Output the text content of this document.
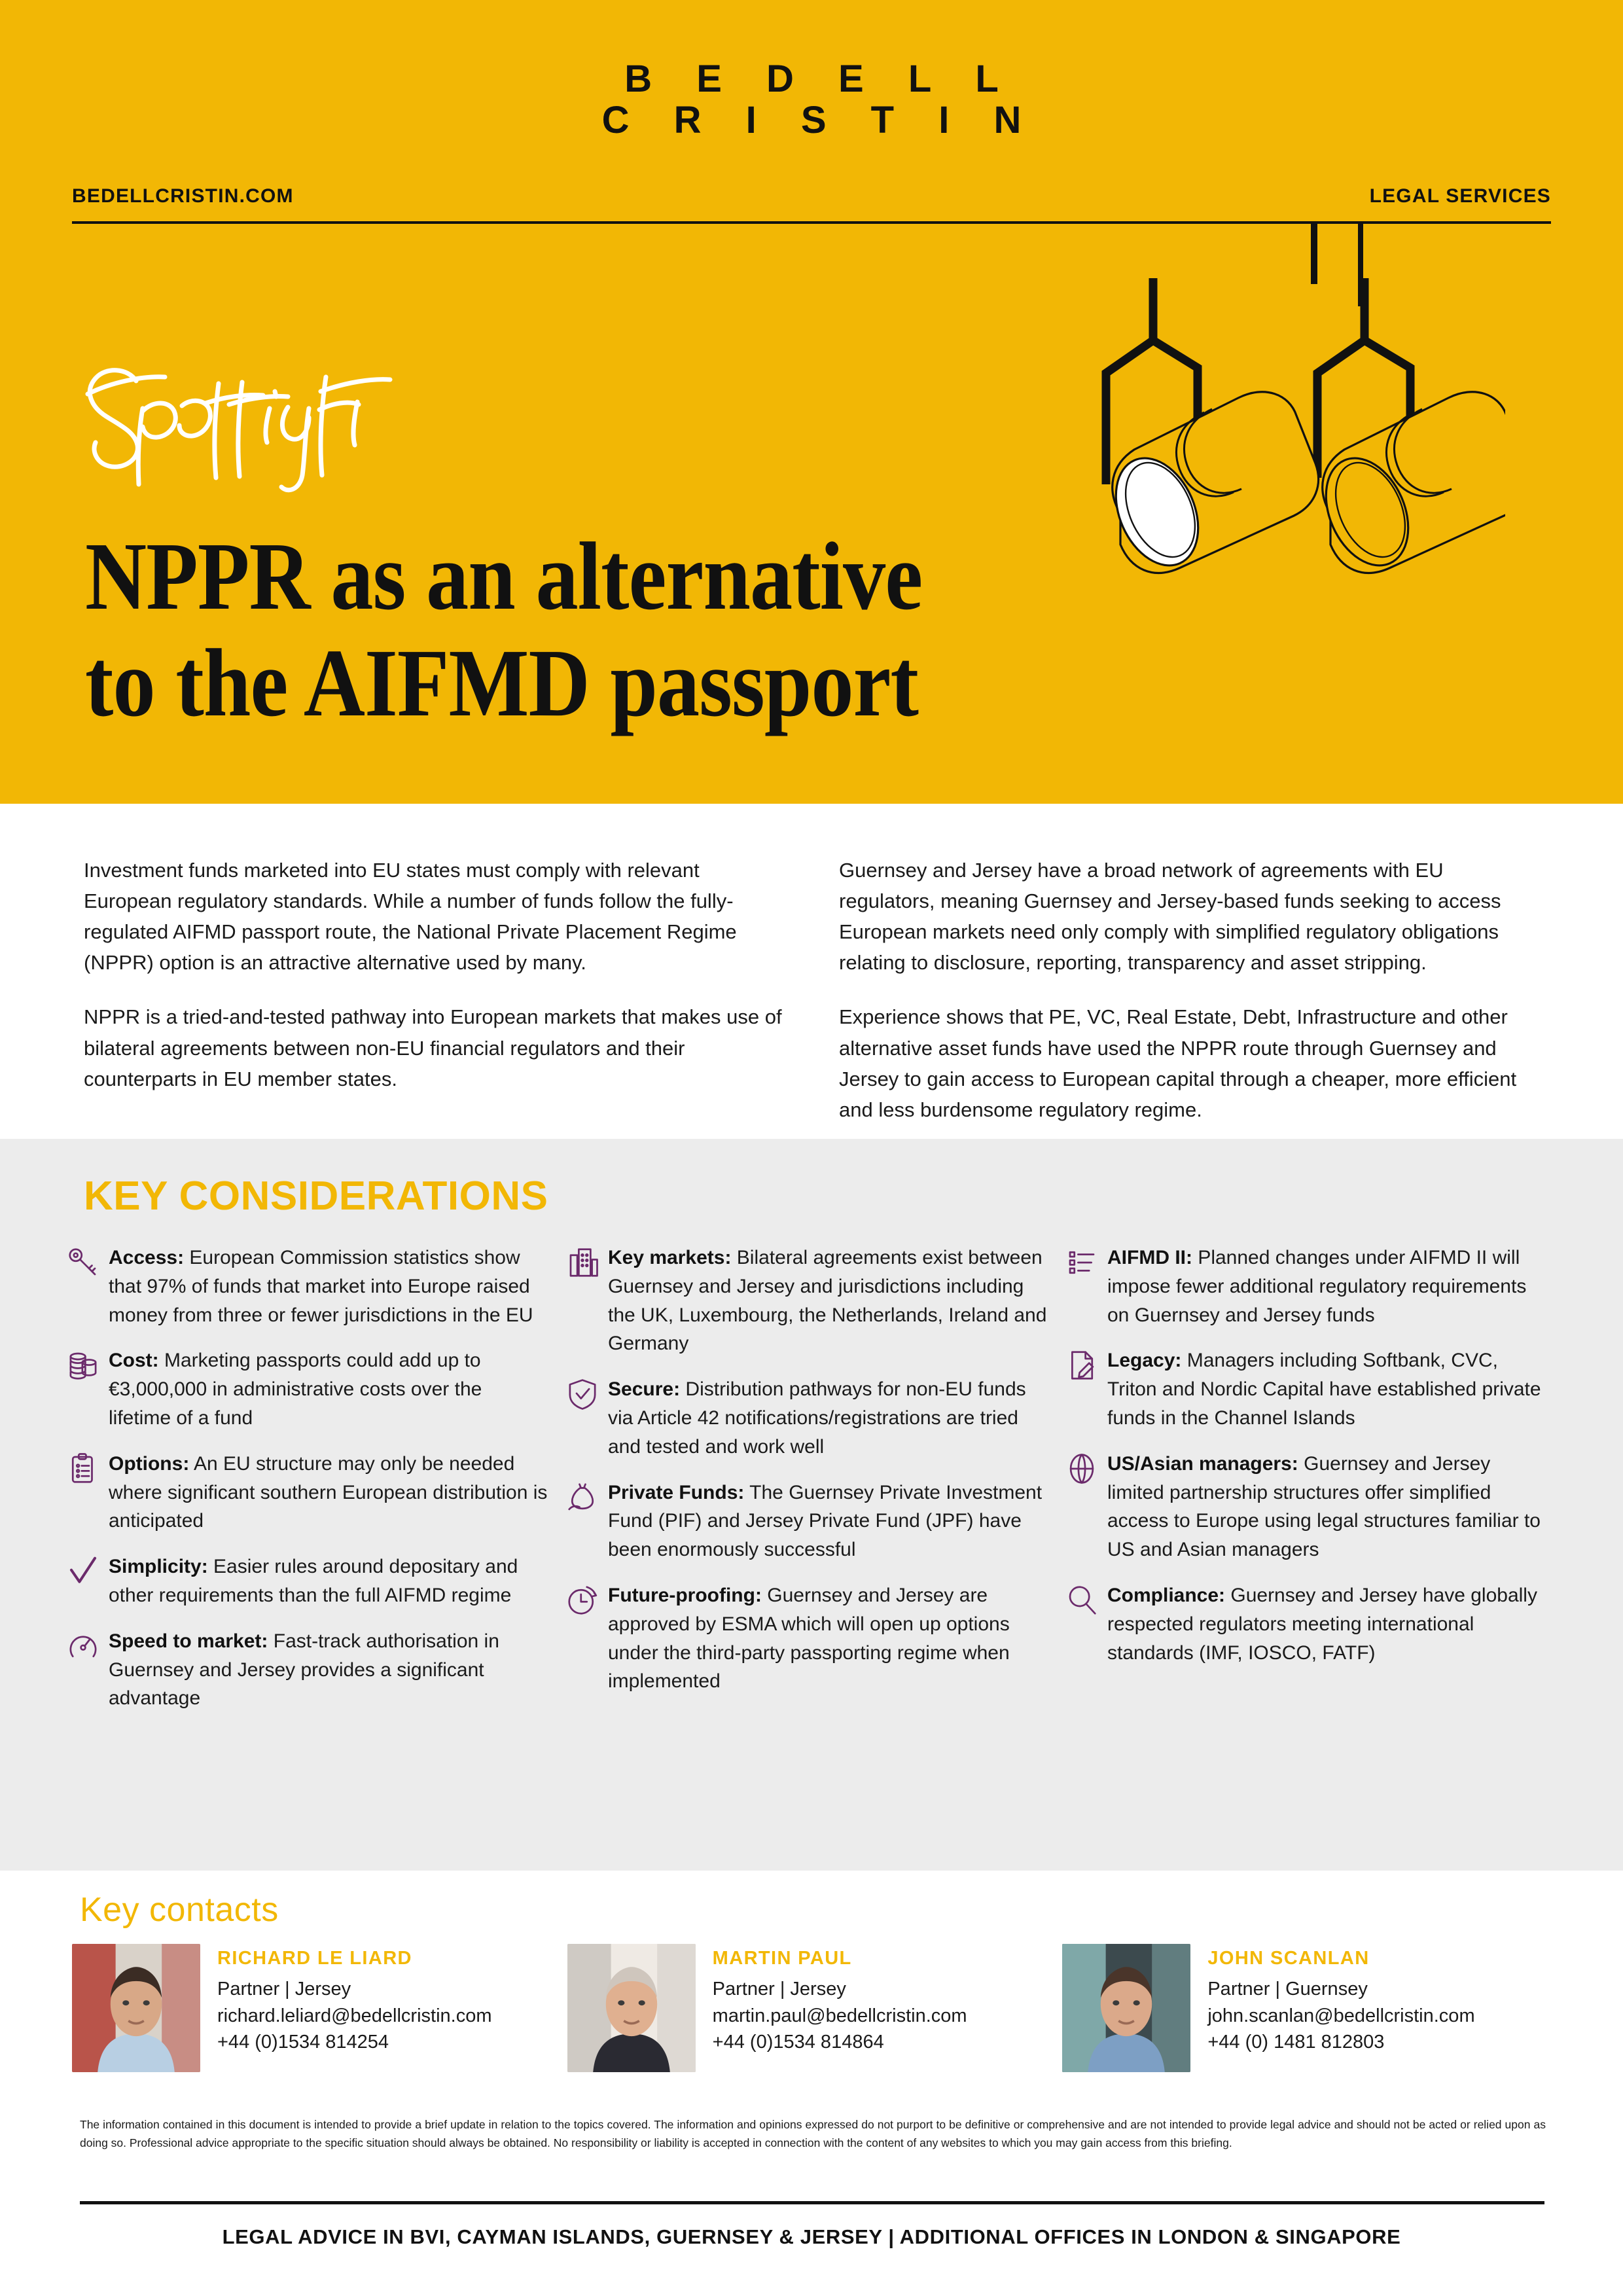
B E D E L L
C R I S T I N
BEDELLCRISTIN.COM	LEGAL SERVICES
NPPR as an alternative
to the AIFMD passport

Investment funds marketed into EU states must comply with relevant European regulatory standards. While a number of funds follow the fully-regulated AIFMD passport route, the National Private Placement Regime (NPPR) option is an attractive alternative used by many.

NPPR is a tried-and-tested pathway into European markets that makes use of bilateral agreements between non-EU financial regulators and their counterparts in EU member states.

Guernsey and Jersey have a broad network of agreements with EU regulators, meaning Guernsey and Jersey-based funds seeking to access European markets need only comply with simplified regulatory obligations relating to disclosure, reporting, transparency and asset stripping.

Experience shows that PE, VC, Real Estate, Debt, Infrastructure and other alternative asset funds have used the NPPR route through Guernsey and Jersey to gain access to European capital through a cheaper, more efficient and less burdensome regulatory regime.

KEY CONSIDERATIONS
Access: European Commission statistics show that 97% of funds that market into Europe raised money from three or fewer jurisdictions in the EU
Cost: Marketing passports could add up to €3,000,000 in administrative costs over the lifetime of a fund
Options: An EU structure may only be needed where significant southern European distribution is anticipated
Simplicity: Easier rules around depositary and other requirements than the full AIFMD regime
Speed to market: Fast-track authorisation in Guernsey and Jersey provides a significant advantage
Key markets: Bilateral agreements exist between Guernsey and Jersey and jurisdictions including the UK, Luxembourg, the Netherlands, Ireland and Germany
Secure: Distribution pathways for non-EU funds via Article 42 notifications/registrations are tried and tested and work well
Private Funds: The Guernsey Private Investment Fund (PIF) and Jersey Private Fund (JPF) have been enormously successful
Future-proofing: Guernsey and Jersey are approved by ESMA which will open up options under the third-party passporting regime when implemented
AIFMD II: Planned changes under AIFMD II will impose fewer additional regulatory requirements on Guernsey and Jersey funds
Legacy: Managers including Softbank, CVC, Triton and Nordic Capital have established private funds in the Channel Islands
US/Asian managers: Guernsey and Jersey limited partnership structures offer simplified access to Europe using legal structures familiar to US and Asian managers
Compliance: Guernsey and Jersey have globally respected regulators meeting international standards (IMF, IOSCO, FATF)
Key contacts
RICHARD LE LIARD
Partner | Jersey
richard.leliard@bedellcristin.com
+44 (0)1534 814254
MARTIN PAUL
Partner | Jersey
martin.paul@bedellcristin.com
+44 (0)1534 814864
JOHN SCANLAN
Partner | Guernsey
john.scanlan@bedellcristin.com
+44 (0) 1481 812803
The information contained in this document is intended to provide a brief update in relation to the topics covered. The information and opinions expressed do not purport to be definitive or comprehensive and are not intended to provide legal advice and should not be acted or relied upon as doing so. Professional advice appropriate to the specific situation should always be obtained. No responsibility or liability is accepted in connection with the content of any websites to which you may gain access from this briefing.
LEGAL ADVICE IN BVI, CAYMAN ISLANDS, GUERNSEY & JERSEY | ADDITIONAL OFFICES IN LONDON & SINGAPORE
